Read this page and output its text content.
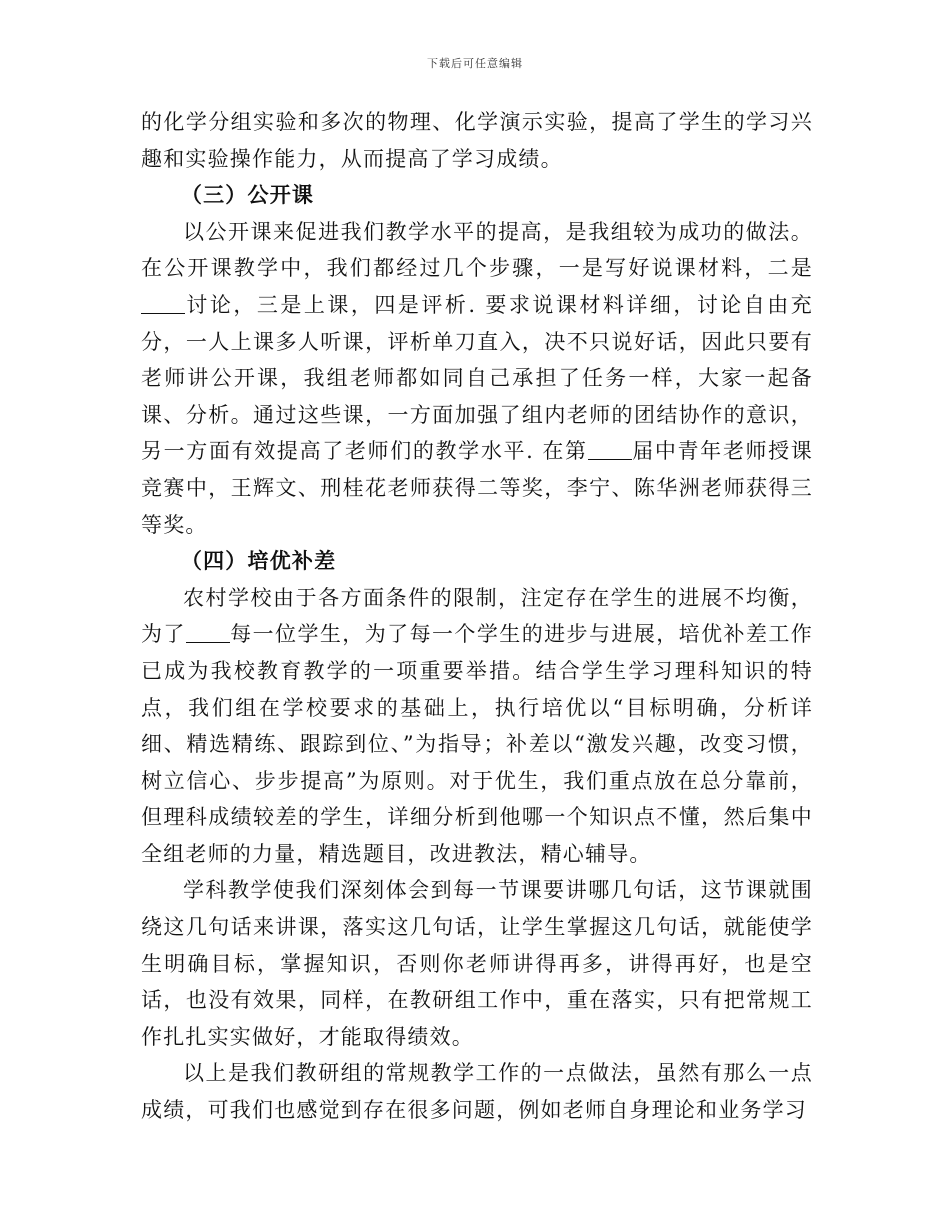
下载后可任意编辑

的化学分组实验和多次的物理、化学演示实验，提高了学生的学习兴趣和实验操作能力，从而提高了学习成绩。

（三）公开课

以公开课来促进我们教学水平的提高，是我组较为成功的做法。在公开课教学中，我们都经过几个步骤，一是写好说课材料，二是讨论，三是上课，四是评析. 要求说课材料详细，讨论自由充分，一人上课多人听课，评析单刀直入，决不只说好话，因此只要有老师讲公开课，我组老师都如同自己承担了任务一样，大家一起备课、分析。通过这些课，一方面加强了组内老师的团结协作的意识，另一方面有效提高了老师们的教学水平. 在第 届中青年老师授课竞赛中，王辉文、刑桂花老师获得二等奖，李宁、陈华洲老师获得三等奖。

（四）培优补差

农村学校由于各方面条件的限制，注定存在学生的进展不均衡，为了 每一位学生，为了每一个学生的进步与进展，培优补差工作已成为我校教育教学的一项重要举措。结合学生学习理科知识的特点，我们组在学校要求的基础上，执行培优以“目标明确，分析详细、精选精练、跟踪到位、”为指导；补差以“激发兴趣，改变习惯，树立信心、步步提高”为原则。对于优生，我们重点放在总分靠前，但理科成绩较差的学生，详细分析到他哪一个知识点不懂，然后集中全组老师的力量，精选题目，改进教法，精心辅导。

学科教学使我们深刻体会到每一节课要讲哪几句话，这节课就围绕这几句话来讲课，落实这几句话，让学生掌握这几句话，就能使学生明确目标，掌握知识，否则你老师讲得再多，讲得再好，也是空话，也没有效果，同样，在教研组工作中，重在落实，只有把常规工作扎扎实实做好，才能取得绩效。

以上是我们教研组的常规教学工作的一点做法，虽然有那么一点成绩，可我们也感觉到存在很多问题，例如老师自身理论和业务学习
